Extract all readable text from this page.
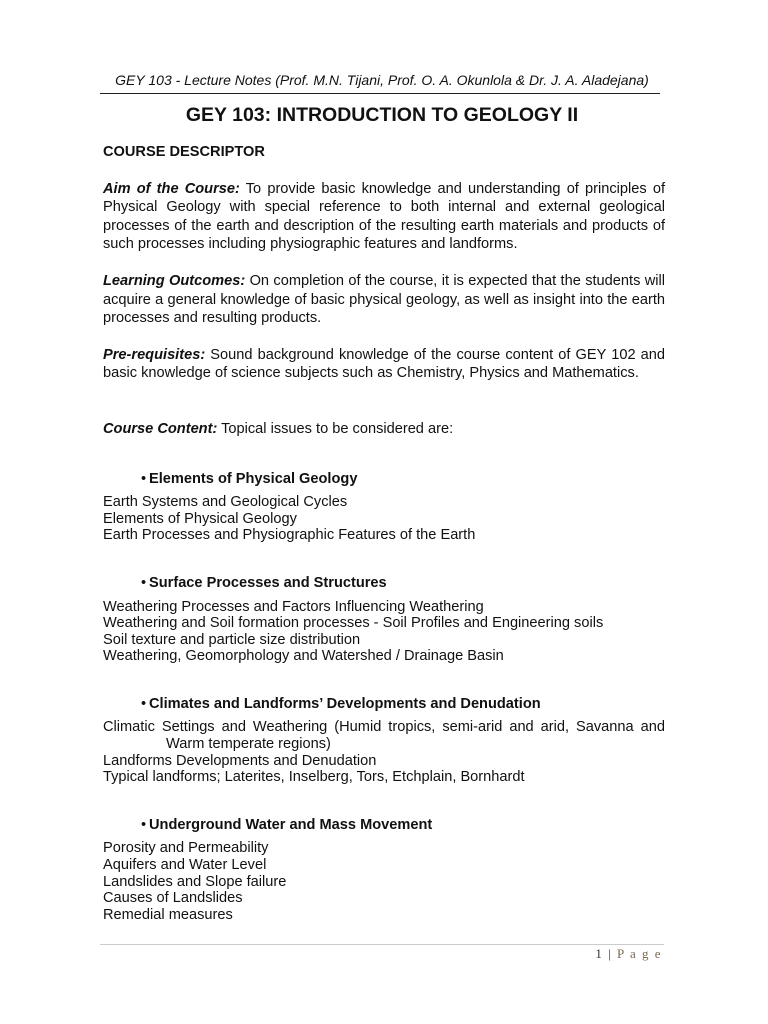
GEY 103 - Lecture Notes (Prof. M.N. Tijani, Prof. O. A. Okunlola & Dr. J. A. Aladejana)
GEY 103: INTRODUCTION TO GEOLOGY II

COURSE DESCRIPTOR

Aim of the Course: To provide basic knowledge and understanding of principles of Physical Geology with special reference to both internal and external geological processes of the earth and description of the resulting earth materials and products of such processes including physiographic features and landforms.

Learning Outcomes: On completion of the course, it is expected that the students will acquire a general knowledge of basic physical geology, as well as insight into the earth processes and resulting products.

Pre-requisites: Sound background knowledge of the course content of GEY 102 and basic knowledge of science subjects such as Chemistry, Physics and Mathematics.

Course Content: Topical issues to be considered are:

• Elements of Physical Geology

Earth Systems and Geological Cycles

Elements of Physical Geology

Earth Processes and Physiographic Features of the Earth

• Surface Processes and Structures

Weathering Processes and Factors Influencing Weathering

Weathering and Soil formation processes - Soil Profiles and Engineering soils

Soil texture and particle size distribution

Weathering, Geomorphology and Watershed / Drainage Basin

• Climates and Landforms’ Developments and Denudation

Climatic Settings and Weathering (Humid tropics, semi-arid and arid, Savanna and Warm temperate regions)

Landforms Developments and Denudation

Typical landforms; Laterites, Inselberg, Tors, Etchplain, Bornhardt

• Underground Water and Mass Movement

Porosity and Permeability

Aquifers and Water Level

Landslides and Slope failure

Causes of Landslides

Remedial measures

1 | P a g e
